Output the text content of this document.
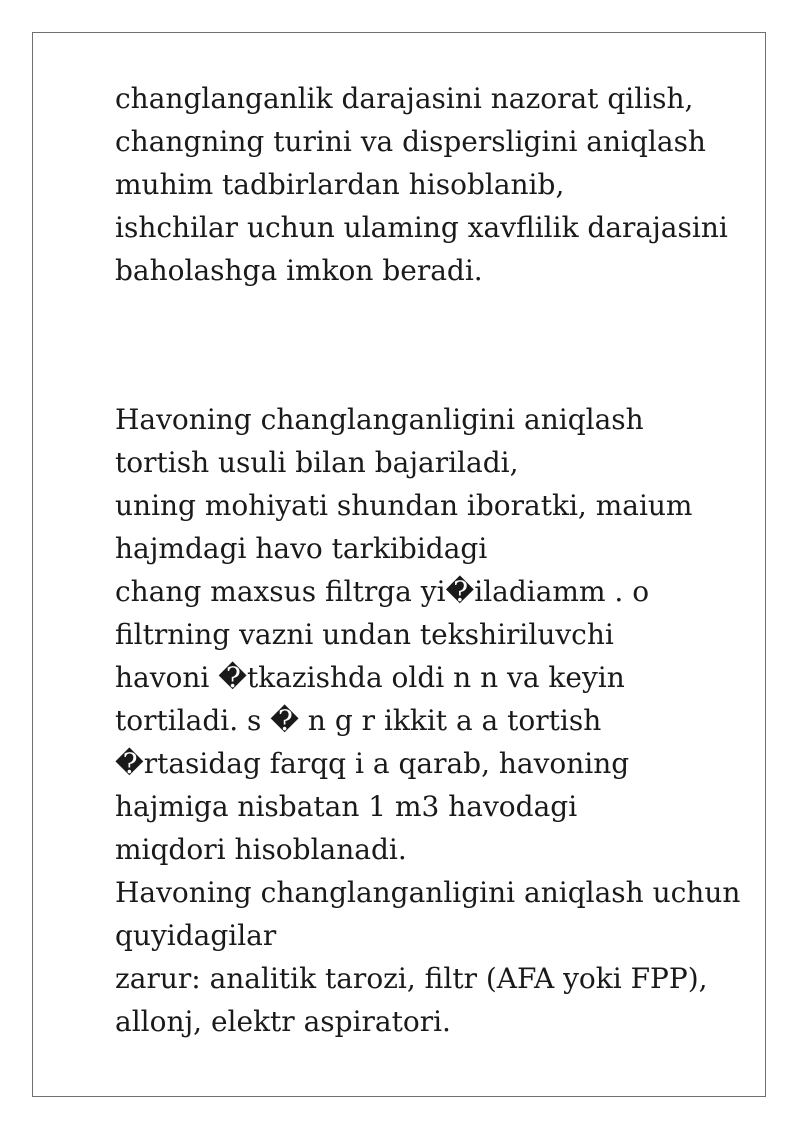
changlanganlik darajasini nazorat qilish,
changning turini va dispersligini aniqlash
muhim tadbirlardan hisoblanib,
ishchilar uchun ulaming xavflilik darajasini
baholashga imkon beradi.
Havoning changlanganligini aniqlash
tortish usuli bilan bajariladi,
uning mohiyati shundan iboratki, maium
hajmdagi havo tarkibidagi
chang maxsus filtrga yi�iladiamm . o
filtrning vazni undan tekshiriluvchi
havoni �tkazishda oldi n n va keyin
tortiladi. s � n g r ikkit a a tortish
�rtasidag farqq i a qarab, havoning
hajmiga nisbatan 1 m3 havodagi
miqdori hisoblanadi.
Havoning changlanganligini aniqlash uchun
quyidagilar
zarur: analitik tarozi, filtr (AFA yoki FPP),
allonj, elektr aspiratori.
